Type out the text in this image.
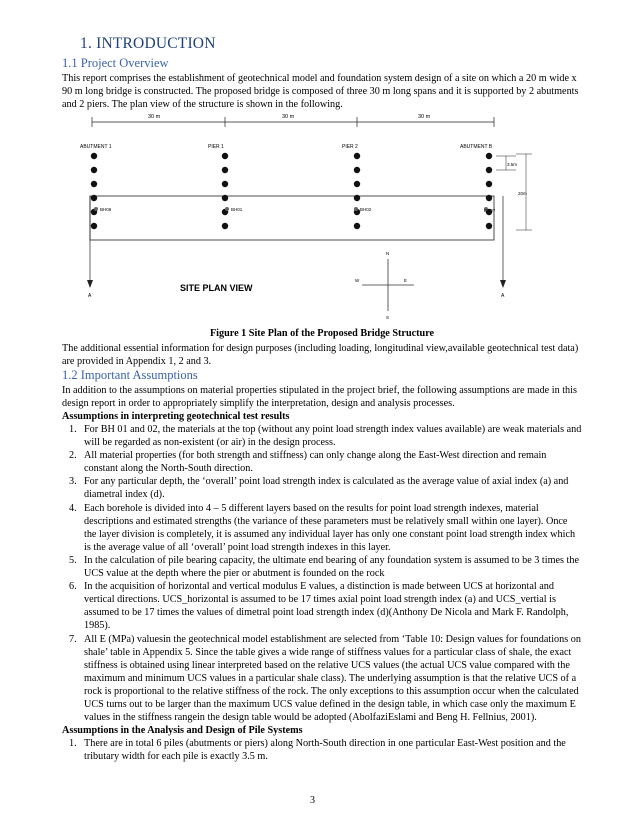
1. INTRODUCTION
1.1 Project Overview
This report comprises the establishment of geotechnical model and foundation system design of a site on which a 20 m wide x 90 m long bridge is constructed. The proposed bridge is composed of three 30 m long spans and it is supported by 2 abutments and 2 piers. The plan view of the structure is shown in the following.
30 m	30 m	30 m
ABUTMENT 1	PIER 1	PIER 2	ABUTMENT B
A	A
BH06	BH01	BH02	BH07
3.5m
20m
SITE PLAN VIEW
N
S
E
W
Figure 1 Site Plan of the Proposed Bridge Structure
The additional essential information for design purposes (including loading, longitudinal view,available geotechnical test data) are provided in Appendix 1, 2 and 3.
1.2 Important Assumptions
In addition to the assumptions on material properties stipulated in the project brief, the following assumptions are made in this design report in order to appropriately simplify the interpretation, design and analysis processes.
Assumptions in interpreting geotechnical test results
1. For BH 01 and 02, the materials at the top (without any point load strength index values available) are weak materials and will be regarded as non-existent (or air) in the design process.
2. All material properties (for both strength and stiffness) can only change along the East-West direction and remain constant along the North-South direction.
3. For any particular depth, the ‘overall’ point load strength index is calculated as the average value of axial index (a) and diametral index (d).
4. Each borehole is divided into 4 – 5 different layers based on the results for point load strength indexes, material descriptions and estimated strengths (the variance of these parameters must be relatively small within one layer). Once the layer division is completely, it is assumed any individual layer has only one constant point load strength index which is the average value of all ‘overall’ point load strength indexes in this layer.
5. In the calculation of pile bearing capacity, the ultimate end bearing of any foundation system is assumed to be 3 times the UCS value at the depth where the pier or abutment is founded on the rock
6. In the acquisition of horizontal and vertical modulus E values, a distinction is made between UCS at horizontal and vertical directions. UCS_horizontal is assumed to be 17 times axial point load strength index (a) and UCS_vertial is assumed to be 17 times the values of dimetral point load strength index (d)(Anthony De Nicola and Mark F. Randolph, 1985).
7. All E (MPa) valuesin the geotechnical model establishment are selected from ‘Table 10: Design values for foundations on shale’ table in Appendix 5. Since the table gives a wide range of stiffness values for a particular class of shale, the exact stiffness is obtained using linear interpreted based on the relative UCS values (the actual UCS value compared with the maximum and minimum UCS values in a particular shale class). The underlying assumption is that the relative UCS of a rock is proportional to the relative stiffness of the rock. The only exceptions to this assumption occur when the calculated UCS turns out to be larger than the maximum UCS value defined in the design table, in which case only the maximum E values in the stiffness rangein the design table would be adopted (AbolfaziEslami and Beng H. Fellnius, 2001).
Assumptions in the Analysis and Design of Pile Systems
1. There are in total 6 piles (abutments or piers) along North-South direction in one particular East-West position and the tributary width for each pile is exactly 3.5 m.
3
